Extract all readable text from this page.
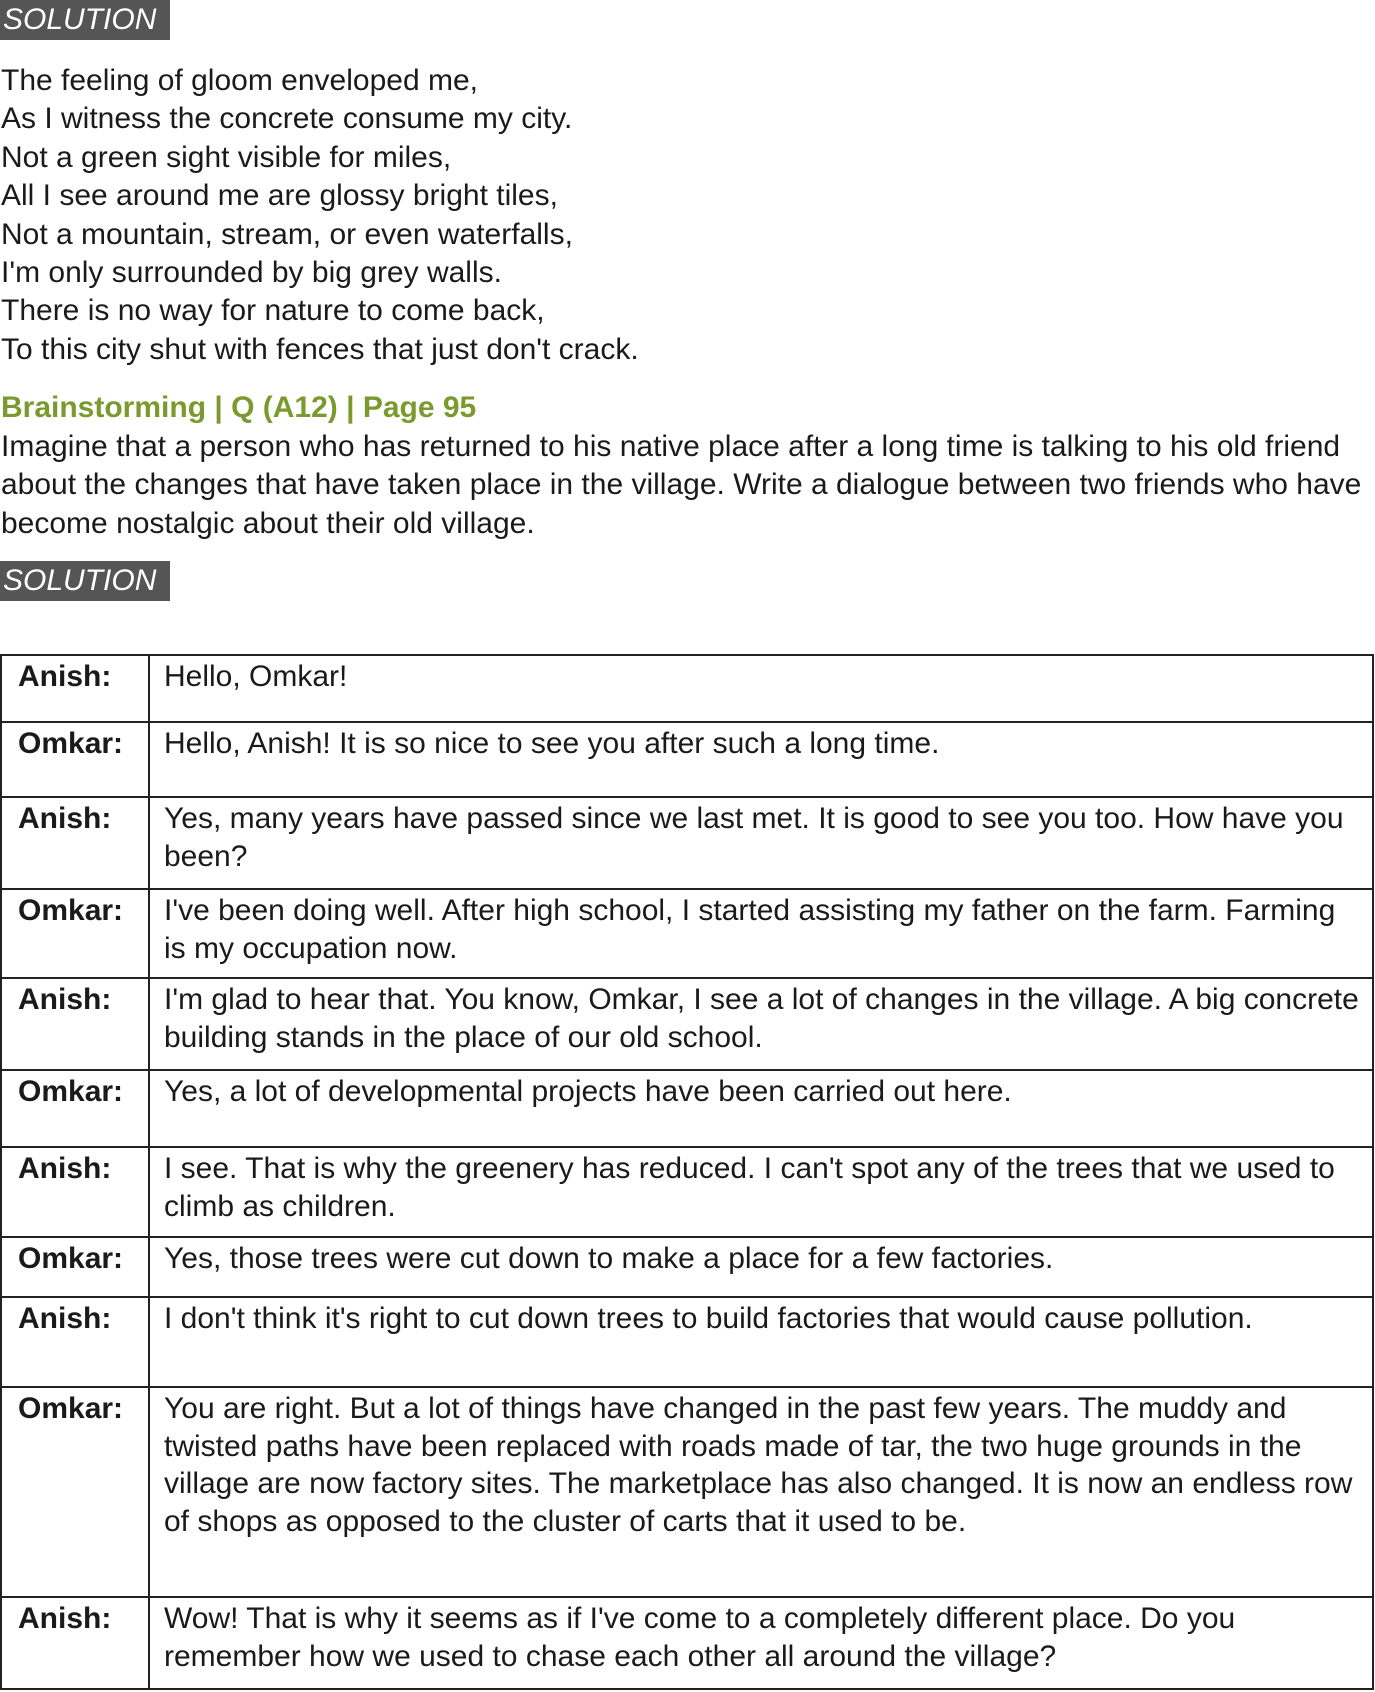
SOLUTION
The feeling of gloom enveloped me,
As I witness the concrete consume my city.
Not a green sight visible for miles,
All I see around me are glossy bright tiles,
Not a mountain, stream, or even waterfalls,
I'm only surrounded by big grey walls.
There is no way for nature to come back,
To this city shut with fences that just don't crack.
Brainstorming | Q (A12) | Page 95

Imagine that a person who has returned to his native place after a long time is talking to his old friend about the changes that have taken place in the village. Write a dialogue between two friends who have become nostalgic about their old village.

SOLUTION
Anish:	Hello, Omkar!
Omkar:	Hello, Anish! It is so nice to see you after such a long time.
Anish:	Yes, many years have passed since we last met. It is good to see you too. How have you been?
Omkar:	I've been doing well. After high school, I started assisting my father on the farm. Farming is my occupation now.
Anish:	I'm glad to hear that. You know, Omkar, I see a lot of changes in the village. A big concrete building stands in the place of our old school.
Omkar:	Yes, a lot of developmental projects have been carried out here.
Anish:	I see. That is why the greenery has reduced. I can't spot any of the trees that we used to climb as children.
Omkar:	Yes, those trees were cut down to make a place for a few factories.
Anish:	I don't think it's right to cut down trees to build factories that would cause pollution.
Omkar:	You are right. But a lot of things have changed in the past few years. The muddy and twisted paths have been replaced with roads made of tar, the two huge grounds in the village are now factory sites. The marketplace has also changed. It is now an endless row of shops as opposed to the cluster of carts that it used to be.
Anish:	Wow! That is why it seems as if I've come to a completely different place. Do you remember how we used to chase each other all around the village?
